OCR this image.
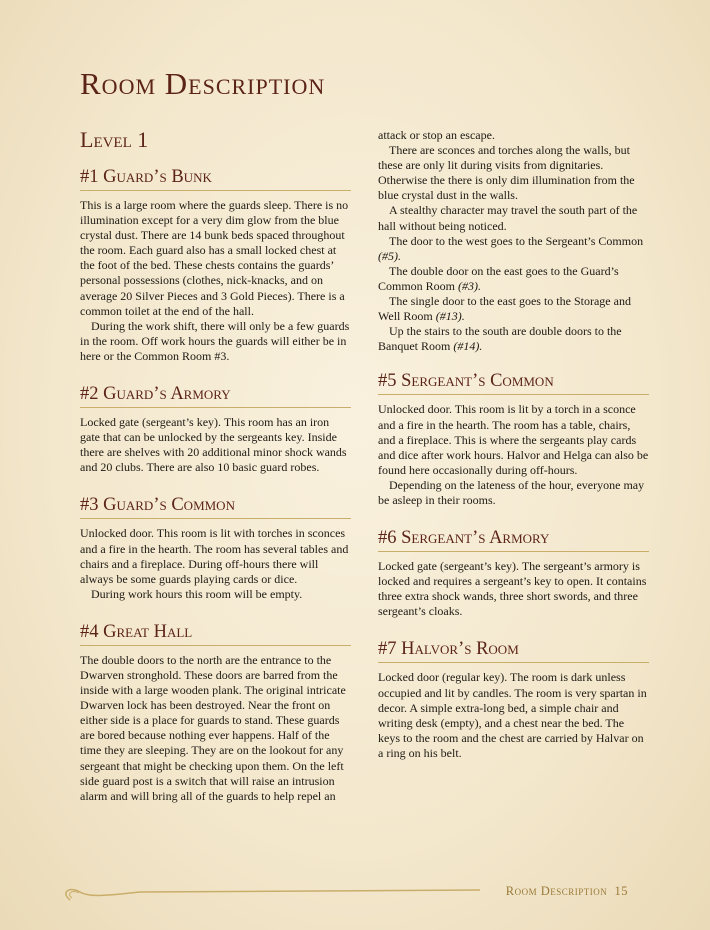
Room Description
Level 1
#1 Guard’s Bunk

This is a large room where the guards sleep. There is no illumination except for a very dim glow from the blue crystal dust. There are 14 bunk beds spaced throughout the room. Each guard also has a small locked chest at the foot of the bed. These chests contains the guards’ personal possessions (clothes, nick-knacks, and on average 20 Silver Pieces and 3 Gold Pieces). There is a common toilet at the end of the hall.

During the work shift, there will only be a few guards in the room. Off work hours the guards will either be in here or the Common Room #3.

#2 Guard’s Armory

Locked gate (sergeant’s key). This room has an iron gate that can be unlocked by the sergeants key. Inside there are shelves with 20 additional minor shock wands and 20 clubs. There are also 10 basic guard robes.

#3 Guard’s Common

Unlocked door. This room is lit with torches in sconces and a fire in the hearth. The room has several tables and chairs and a fireplace. During off-hours there will always be some guards playing cards or dice.

During work hours this room will be empty.

#4 Great Hall

The double doors to the north are the entrance to the Dwarven stronghold. These doors are barred from the inside with a large wooden plank. The original intricate Dwarven lock has been destroyed. Near the front on either side is a place for guards to stand. These guards are bored because nothing ever happens. Half of the time they are sleeping. They are on the lookout for any sergeant that might be checking upon them. On the left side guard post is a switch that will raise an intrusion alarm and will bring all of the guards to help repel an

attack or stop an escape.

There are sconces and torches along the walls, but these are only lit during visits from dignitaries. Otherwise the there is only dim illumination from the blue crystal dust in the walls.

A stealthy character may travel the south part of the hall without being noticed.

The door to the west goes to the Sergeant’s Common (#5).

The double door on the east goes to the Guard’s Common Room (#3).

The single door to the east goes to the Storage and Well Room (#13).

Up the stairs to the south are double doors to the Banquet Room (#14).

#5 Sergeant’s Common

Unlocked door. This room is lit by a torch in a sconce and a fire in the hearth. The room has a table, chairs, and a fireplace. This is where the sergeants play cards and dice after work hours. Halvor and Helga can also be found here occasionally during off-hours.

Depending on the lateness of the hour, everyone may be asleep in their rooms.

#6 Sergeant’s Armory

Locked gate (sergeant’s key). The sergeant’s armory is locked and requires a sergeant’s key to open. It contains three extra shock wands, three short swords, and three sergeant’s cloaks.

#7 Halvor’s Room

Locked door (regular key). The room is dark unless occupied and lit by candles. The room is very spartan in decor. A simple extra-long bed, a simple chair and writing desk (empty), and a chest near the bed. The keys to the room and the chest are carried by Halvar on a ring on his belt.

Room Description 15
